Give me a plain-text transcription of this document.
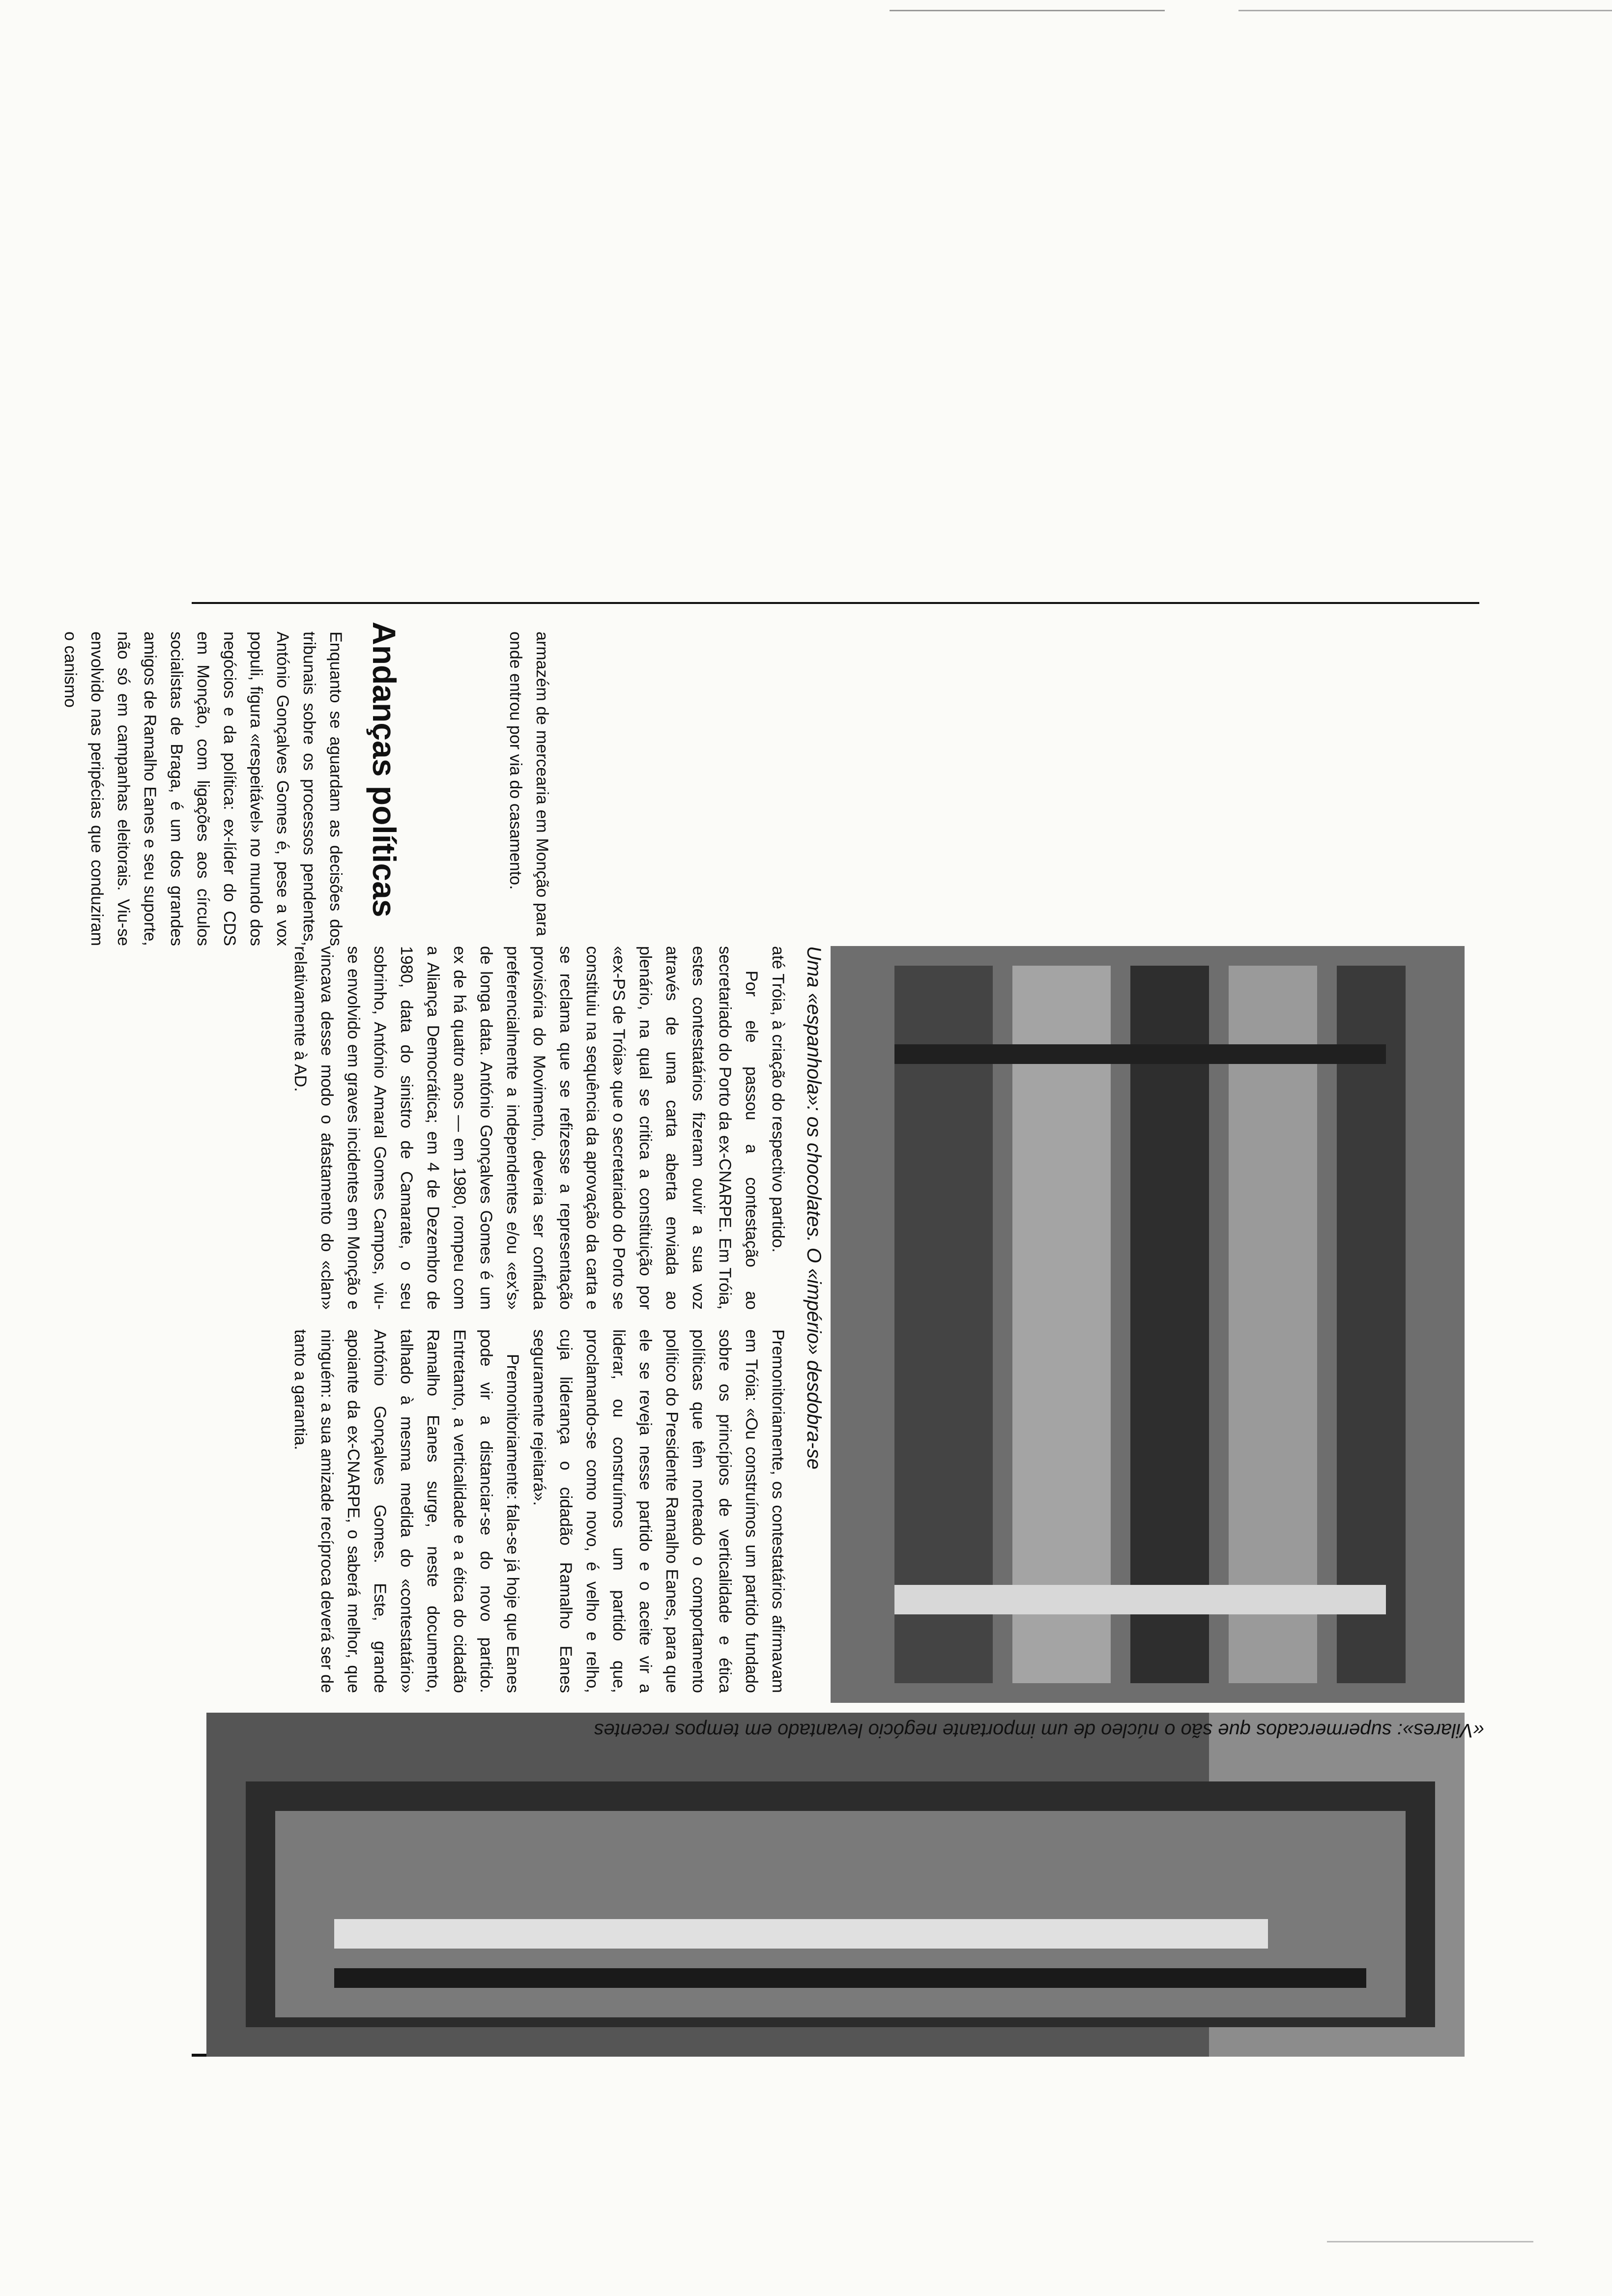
armazém de mercearia em Monção para onde entrou por via do casamento.

Andanças políticas

Enquanto se aguardam as decisões dos tribunais sobre os processos pendentes, António Gonçalves Gomes é, pese a vox populi, figura «respeitável» no mundo dos negócios e da política: ex-líder do CDS em Monção, com ligações aos círculos socialistas de Braga, é um dos grandes amigos de Ramalho Eanes e seu suporte, não só em campanhas eleitorais. Viu-se envolvido nas peripécias que conduziram o canismo

Uma «espanhola»: os chocolates. O «império» desdobra-se
«Vilares»: supermercados que são o núcleo de um importante negócio levantado em tempos recentes

até Tróia, à criação do respectivo partido.

Por ele passou a contestação ao secretariado do Porto da ex-CNARPE. Em Tróia, estes contestatários fizeram ouvir a sua voz através de uma carta aberta enviada ao plenário, na qual se critica a constituição por «ex-PS de Tróia» que o secretariado do Porto se constituiu na sequência da aprovação da carta e se reclama que se refizesse a representação provisória do Movimento, deveria ser confiada preferencialmente a independentes e/ou «ex's» de longa data. António Gonçalves Gomes é um ex de há quatro anos — em 1980, rompeu com a Aliança Democrática; em 4 de Dezembro de 1980, data do sinistro de Camarate, o seu sobrinho, António Amaral Gomes Campos, viu-se envolvido em graves incidentes em Monção e vincava desse modo o afastamento do «clan» relativamente à AD.

Premonitoriamente, os contestatários afirmavam em Tróia: «Ou construímos um partido fundado sobre os princípios de verticalidade e ética políticas que têm norteado o comportamento político do Presidente Ramalho Eanes, para que ele se reveja nesse partido e o aceite vir a liderar, ou construímos um partido que, proclamando-se como novo, é velho e relho, cuja liderança o cidadão Ramalho Eanes seguramente rejeitará».

Premonitoriamente: fala-se já hoje que Eanes pode vir a distanciar-se do novo partido. Entretanto, a verticalidade e a ética do cidadão Ramalho Eanes surge, neste documento, talhado à mesma medida do «contestatário» António Gonçalves Gomes. Este, grande apoiante da ex-CNARPE, o saberá melhor, que ninguém: a sua amizade recíproca deverá ser de tanto a garantia.
